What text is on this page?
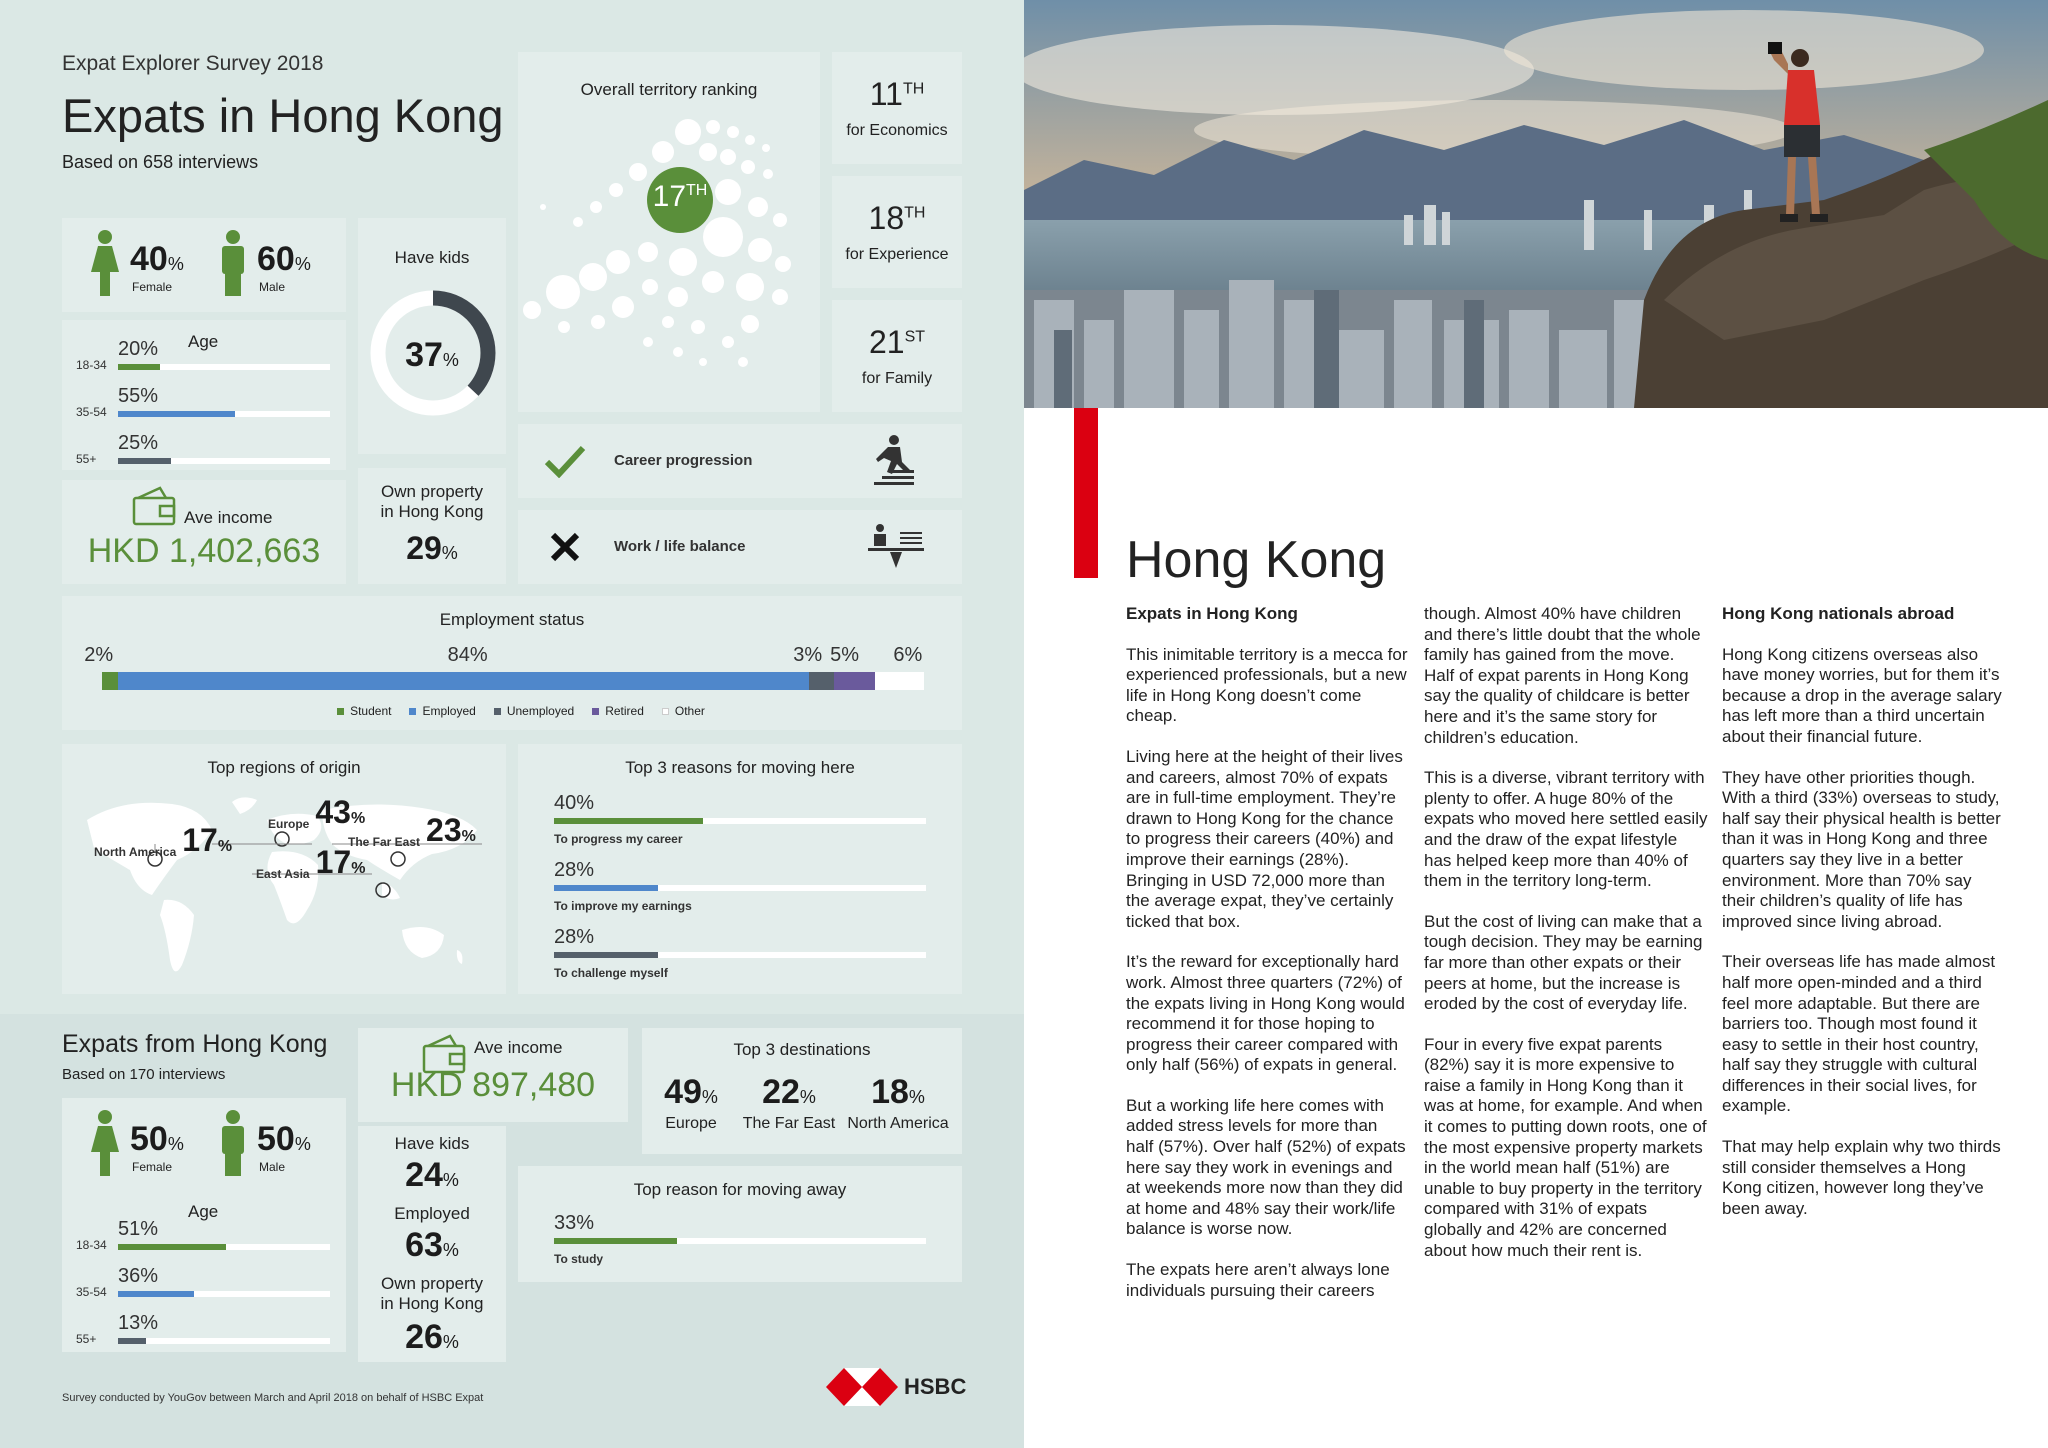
Expat Explorer Survey 2018
Expats in Hong Kong
Based on 658 interviews
40%
Female
60%
Male
Age
18-34
20%
35-54
55%
55+
25%
Have kids
37%
Overall territory ranking
17TH
11TH
for Economics
18TH
for Experience
21ST
for Family
Ave income
HKD 1,402,663
Own property
in Hong Kong
29%
Career progression
Work / life balance
Employment status
Student	Employed	Unemployed	Retired	Other
2%	84%	3% 5% 6%
Top regions of origin
North America 17%
Europe 43%
The Far East 23%
East Asia 17%
Top 3 reasons for moving here
40%
To progress my career
28%
To improve my earnings
28%
To challenge myself
Expats from Hong Kong
Based on 170 interviews
50%
Female
50%
Male
Age
18-34
51%
35-54
36%
55+
13%
Ave income
HKD 897,480
Top 3 destinations
49%
Europe
22%
The Far East
18%
North America
Have kids
24%
Employed
63%
Own property
in Hong Kong
26%
Top reason for moving away
33%
To study
Survey conducted by YouGov between March and April 2018 on behalf of HSBC Expat	HSBC
Hong Kong
Expats in Hong Kong

This inimitable territory is a mecca for experienced professionals, but a new life in Hong Kong doesn’t come cheap.

Living here at the height of their lives and careers, almost 70% of expats are in full-time employment. They’re drawn to Hong Kong for the chance to progress their careers (40%) and improve their earnings (28%). Bringing in USD 72,000 more than the average expat, they’ve certainly ticked that box.

It’s the reward for exceptionally hard work. Almost three quarters (72%) of the expats living in Hong Kong would recommend it for those hoping to progress their career compared with only half (56%) of expats in general.

But a working life here comes with added stress levels for more than half (57%). Over half (52%) of expats here say they work in evenings and at weekends more now than they did at home and 48% say their work/life balance is worse now.

The expats here aren’t always lone individuals pursuing their careers

though. Almost 40% have children and there’s little doubt that the whole family has gained from the move. Half of expat parents in Hong Kong say the quality of childcare is better here and it’s the same story for children’s education.

This is a diverse, vibrant territory with plenty to offer. A huge 80% of the expats who moved here settled easily and the draw of the expat lifestyle has helped keep more than 40% of them in the territory long-term.

But the cost of living can make that a tough decision. They may be earning far more than other expats or their peers at home, but the increase is eroded by the cost of everyday life.

Four in every five expat parents (82%) say it is more expensive to raise a family in Hong Kong than it was at home, for example. And when it comes to putting down roots, one of the most expensive property markets in the world mean half (51%) are unable to buy property in the territory compared with 31% of expats globally and 42% are concerned about how much their rent is.

Hong Kong nationals abroad

Hong Kong citizens overseas also have money worries, but for them it’s because a drop in the average salary has left more than a third uncertain about their financial future.

They have other priorities though. With a third (33%) overseas to study, half say their physical health is better than it was in Hong Kong and three quarters say they live in a better environment. More than 70% say their children’s quality of life has improved since living abroad.

Their overseas life has made almost half more open-minded and a third feel more adaptable. But there are barriers too. Though most found it easy to settle in their host country, half say they struggle with cultural differences in their social lives, for example.

That may help explain why two thirds still consider themselves a Hong Kong citizen, however long they’ve been away.
